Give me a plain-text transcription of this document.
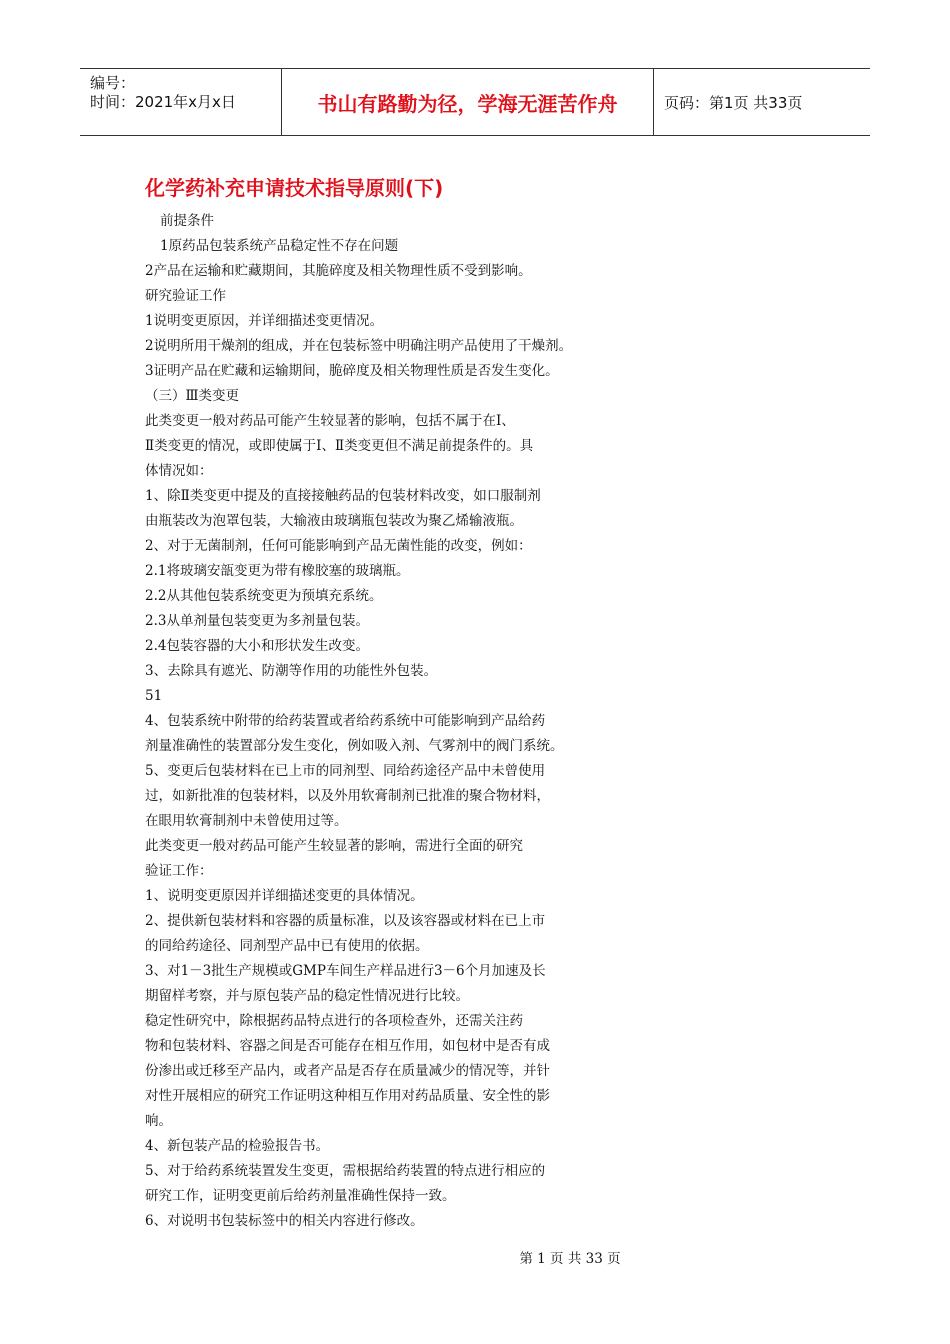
编号：
时间：2021年x月x日	书山有路勤为径，学海无涯苦作舟	页码：第1页 共33页
化学药补充申请技术指导原则(下)
前提条件
1原药品包装系统产品稳定性不存在问题
2产品在运输和贮藏期间，其脆碎度及相关物理性质不受到影响。
研究验证工作
1说明变更原因，并详细描述变更情况。
2说明所用干燥剂的组成，并在包装标签中明确注明产品使用了干燥剂。
3证明产品在贮藏和运输期间，脆碎度及相关物理性质是否发生变化。
（三）Ⅲ类变更
此类变更一般对药品可能产生较显著的影响，包括不属于在Ⅰ、
Ⅱ类变更的情况，或即使属于Ⅰ、Ⅱ类变更但不满足前提条件的。具
体情况如：
1、除Ⅱ类变更中提及的直接接触药品的包装材料改变，如口服制剂
由瓶装改为泡罩包装，大输液由玻璃瓶包装改为聚乙烯输液瓶。
2、对于无菌制剂，任何可能影响到产品无菌性能的改变，例如：
2.1将玻璃安瓿变更为带有橡胶塞的玻璃瓶。
2.2从其他包装系统变更为预填充系统。
2.3从单剂量包装变更为多剂量包装。
2.4包装容器的大小和形状发生改变。
3、去除具有遮光、防潮等作用的功能性外包装。
51
4、包装系统中附带的给药装置或者给药系统中可能影响到产品给药
剂量准确性的装置部分发生变化，例如吸入剂、气雾剂中的阀门系统。
5、变更后包装材料在已上市的同剂型、同给药途径产品中未曾使用
过，如新批准的包装材料，以及外用软膏制剂已批准的聚合物材料，
在眼用软膏制剂中未曾使用过等。
此类变更一般对药品可能产生较显著的影响，需进行全面的研究
验证工作：
1、说明变更原因并详细描述变更的具体情况。
2、提供新包装材料和容器的质量标准，以及该容器或材料在已上市
的同给药途径、同剂型产品中已有使用的依据。
3、对1－3批生产规模或GMP车间生产样品进行3－6个月加速及长
期留样考察，并与原包装产品的稳定性情况进行比较。
稳定性研究中，除根据药品特点进行的各项检查外，还需关注药
物和包装材料、容器之间是否可能存在相互作用，如包材中是否有成
份渗出或迁移至产品内，或者产品是否存在质量减少的情况等，并针
对性开展相应的研究工作证明这种相互作用对药品质量、安全性的影
响。
4、新包装产品的检验报告书。
5、对于给药系统装置发生变更，需根据给药装置的特点进行相应的
研究工作，证明变更前后给药剂量准确性保持一致。
6、对说明书包装标签中的相关内容进行修改。
第 1 页 共 33 页
